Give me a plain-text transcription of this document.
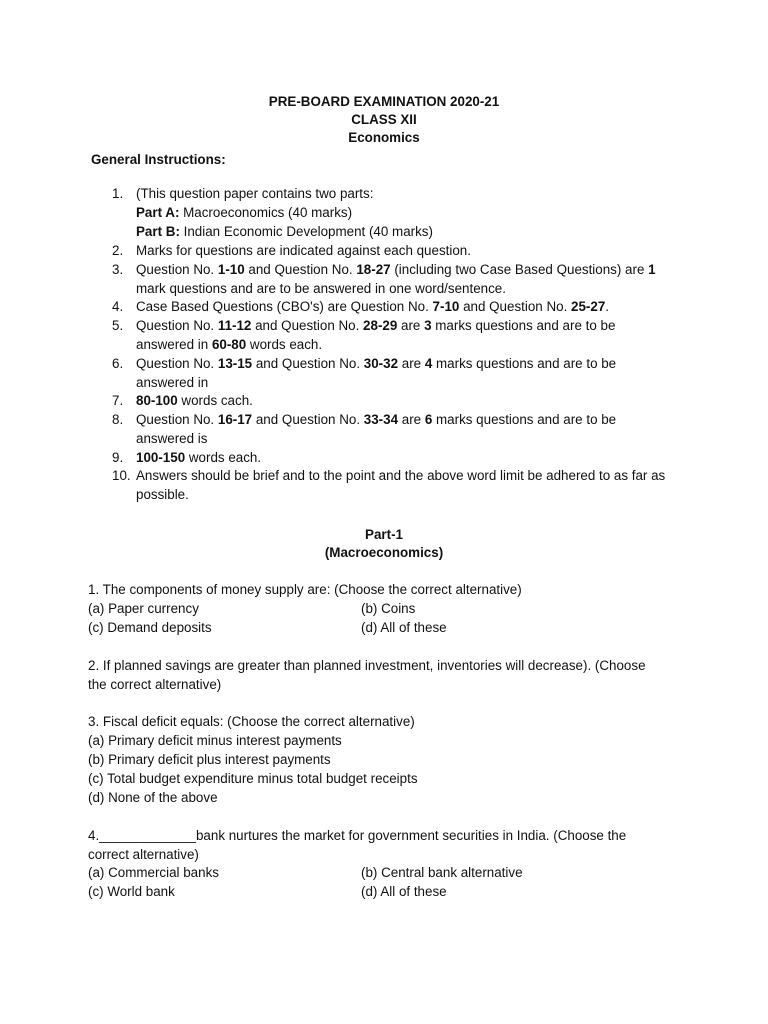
PRE-BOARD EXAMINATION 2020-21
CLASS XII
Economics
General Instructions:
1. (This question paper contains two parts:
Part A: Macroeconomics (40 marks)
Part B: Indian Economic Development (40 marks)
2. Marks for questions are indicated against each question.
3. Question No. 1-10 and Question No. 18-27 (including two Case Based Questions) are 1 mark questions and are to be answered in one word/sentence.
4. Case Based Questions (CBO's) are Question No. 7-10 and Question No. 25-27.
5. Question No. 11-12 and Question No. 28-29 are 3 marks questions and are to be answered in 60-80 words each.
6. Question No. 13-15 and Question No. 30-32 are 4 marks questions and are to be answered in
7. 80-100 words cach.
8. Question No. 16-17 and Question No. 33-34 are 6 marks questions and are to be answered is
9. 100-150 words each.
10. Answers should be brief and to the point and the above word limit be adhered to as far as possible.
Part-1
(Macroeconomics)
1. The components of money supply are: (Choose the correct alternative)
(a) Paper currency	(b) Coins
(c) Demand deposits	(d) All of these
2. If planned savings are greater than planned investment, inventories will decrease). (Choose
the correct alternative)
3. Fiscal deficit equals: (Choose the correct alternative)
(a) Primary deficit minus interest payments
(b) Primary deficit plus interest payments
(c) Total budget expenditure minus total budget receipts
(d) None of the above
4._____________bank nurtures the market for government securities in India. (Choose the
correct alternative)
(a) Commercial banks	(b) Central bank alternative
(c) World bank	(d) All of these
